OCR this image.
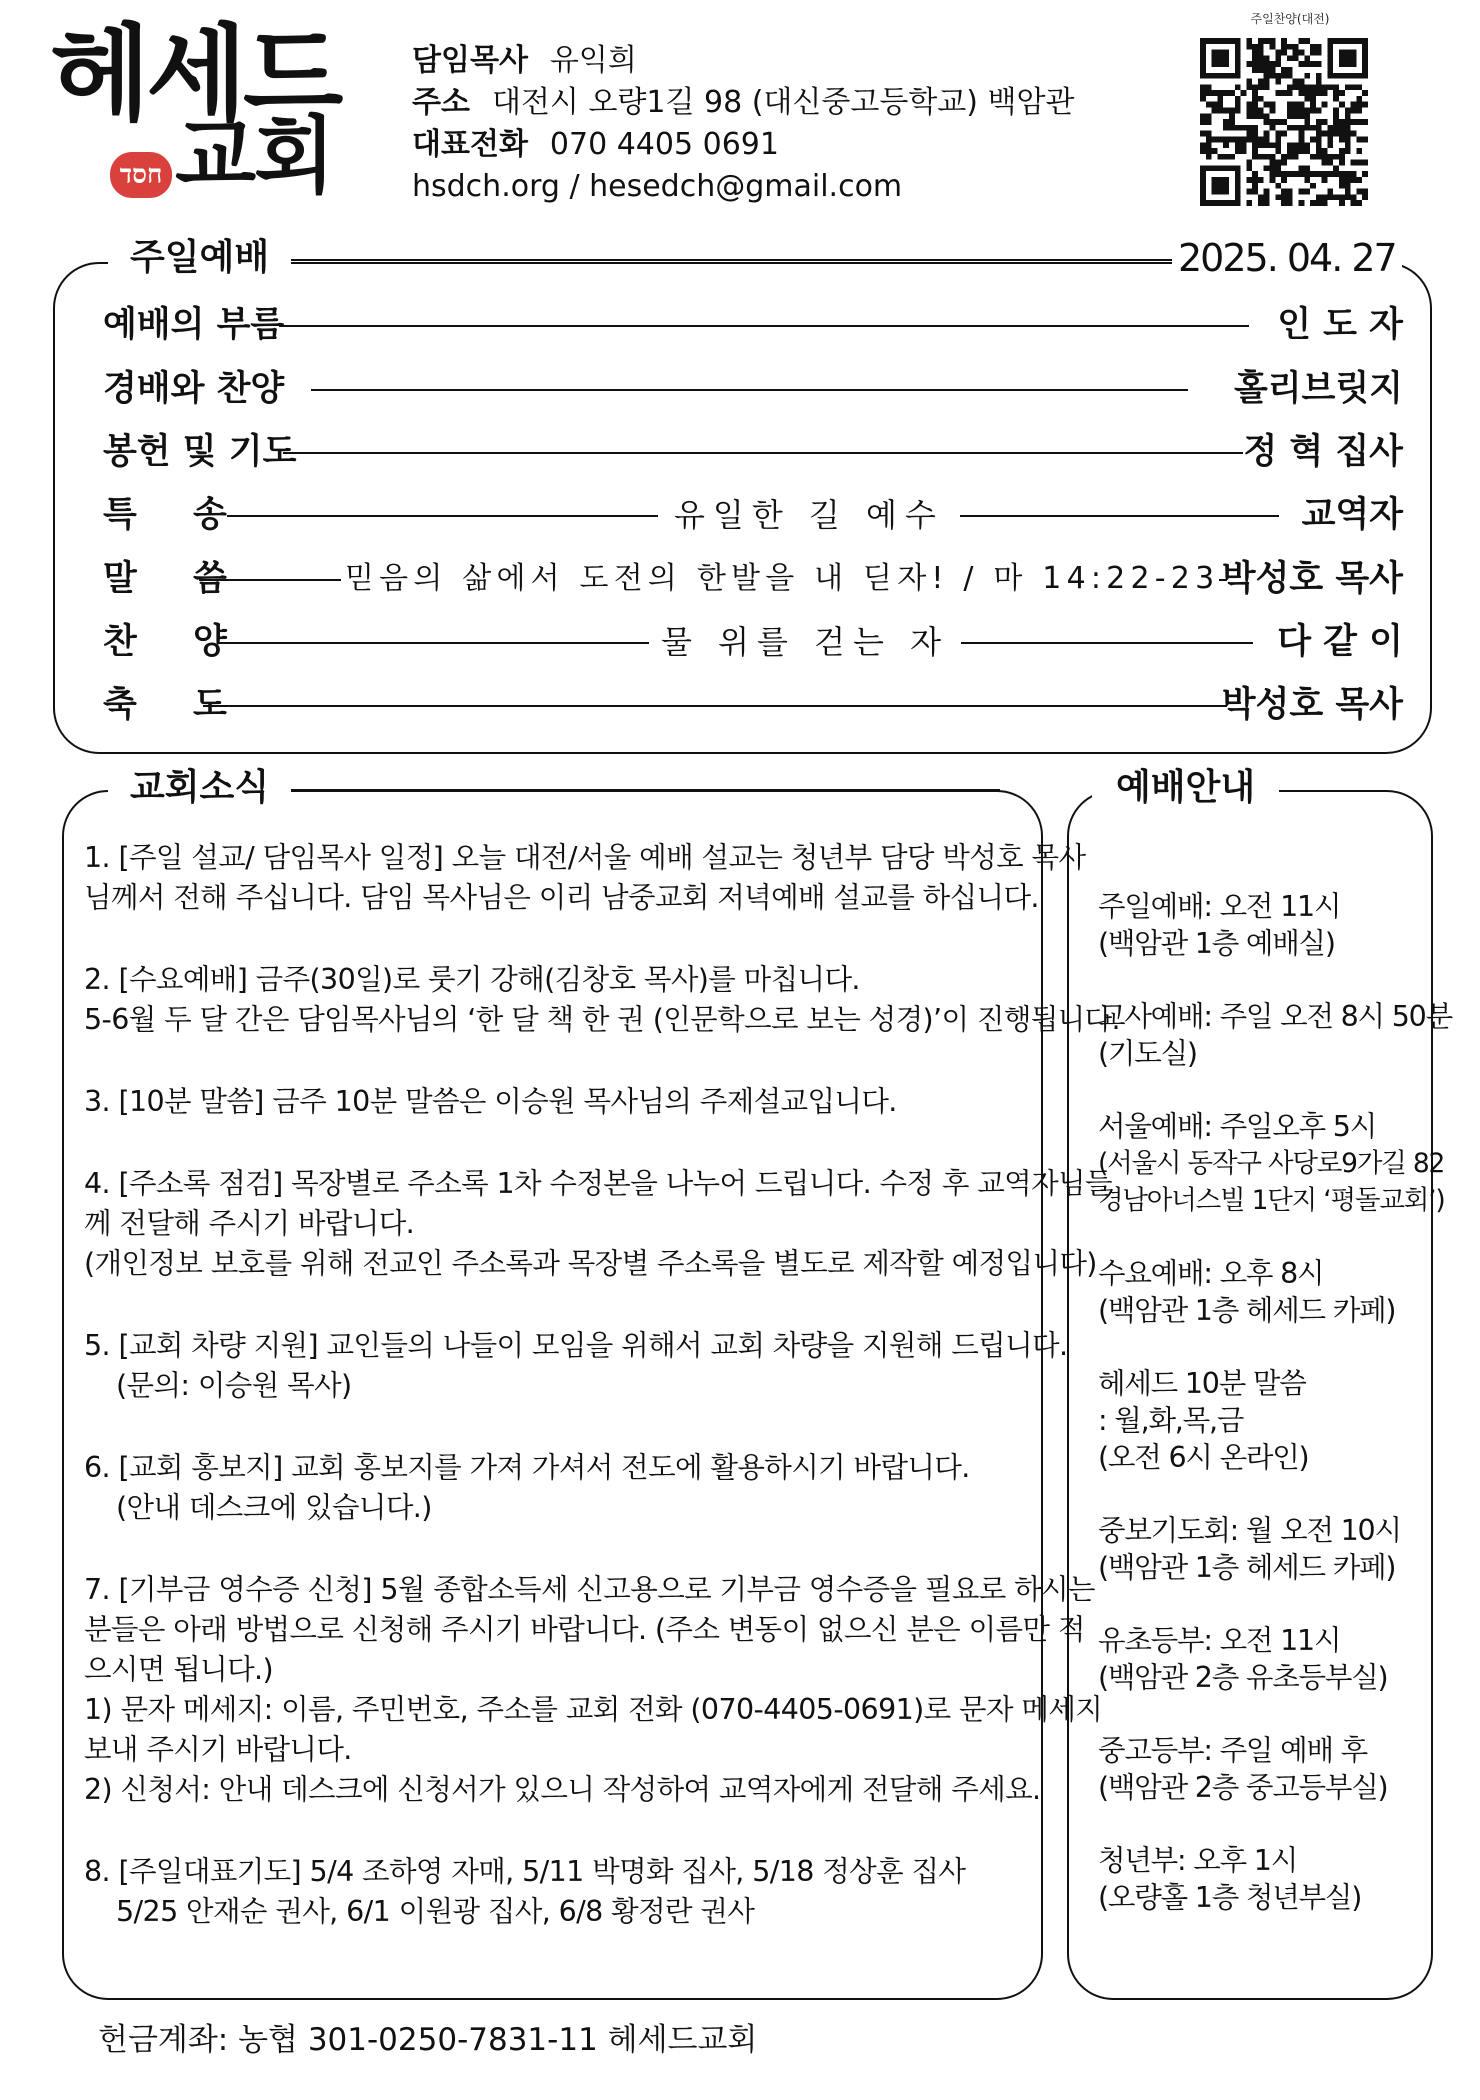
헤세드
חסד 교회
담임목사 유익희
주소 대전시 오량1길 98 (대신중고등학교) 백암관
대표전화 070 4405 0691
hsdch.org / hesedch@gmail.com
주일찬양(대전)
주일예배	2025. 04. 27
예배의 부름	인 도 자
경배와 찬양	홀리브릿지
봉헌 및 기도	정 혁 집사
특 송	유일한 길 예수	교역자
말 씀	믿음의 삶에서 도전의 한발을 내 딛자! / 마 14:22-23 박성호 목사
찬 양	물 위를 걷는 자	다 같 이
축 도	박성호 목사
교회소식

1. [주일 설교/ 담임목사 일정] 오늘 대전/서울 예배 설교는 청년부 담당 박성호 목사

님께서 전해 주십니다. 담임 목사님은 이리 남중교회 저녁예배 설교를 하십니다.

2. [수요예배] 금주(30일)로 룻기 강해(김창호 목사)를 마칩니다.

5-6월 두 달 간은 담임목사님의 ‘한 달 책 한 권 (인문학으로 보는 성경)’이 진행됩니다.

3. [10분 말씀] 금주 10분 말씀은 이승원 목사님의 주제설교입니다.

4. [주소록 점검] 목장별로 주소록 1차 수정본을 나누어 드립니다. 수정 후 교역자님들

께 전달해 주시기 바랍니다.

(개인정보 보호를 위해 전교인 주소록과 목장별 주소록을 별도로 제작할 예정입니다)

5. [교회 차량 지원] 교인들의 나들이 모임을 위해서 교회 차량을 지원해 드립니다.

(문의: 이승원 목사)

6. [교회 홍보지] 교회 홍보지를 가져 가셔서 전도에 활용하시기 바랍니다.

(안내 데스크에 있습니다.)

7. [기부금 영수증 신청] 5월 종합소득세 신고용으로 기부금 영수증을 필요로 하시는

분들은 아래 방법으로 신청해 주시기 바랍니다. (주소 변동이 없으신 분은 이름만 적

으시면 됩니다.)

1) 문자 메세지: 이름, 주민번호, 주소를 교회 전화 (070-4405-0691)로 문자 메세지

보내 주시기 바랍니다.

2) 신청서: 안내 데스크에 신청서가 있으니 작성하여 교역자에게 전달해 주세요.

8. [주일대표기도] 5/4 조하영 자매, 5/11 박명화 집사, 5/18 정상훈 집사

5/25 안재순 권사, 6/1 이원광 집사, 6/8 황정란 권사

예배안내

주일예배: 오전 11시

(백암관 1층 예배실)

교사예배: 주일 오전 8시 50분

(기도실)

서울예배: 주일오후 5시

(서울시 동작구 사당로9가길 82

경남아너스빌 1단지 ‘평돌교회’)

수요예배: 오후 8시

(백암관 1층 헤세드 카페)

헤세드 10분 말씀

: 월,화,목,금

(오전 6시 온라인)

중보기도회: 월 오전 10시

(백암관 1층 헤세드 카페)

유초등부: 오전 11시

(백암관 2층 유초등부실)

중고등부: 주일 예배 후

(백암관 2층 중고등부실)

청년부: 오후 1시

(오량홀 1층 청년부실)

헌금계좌: 농협 301-0250-7831-11 헤세드교회
